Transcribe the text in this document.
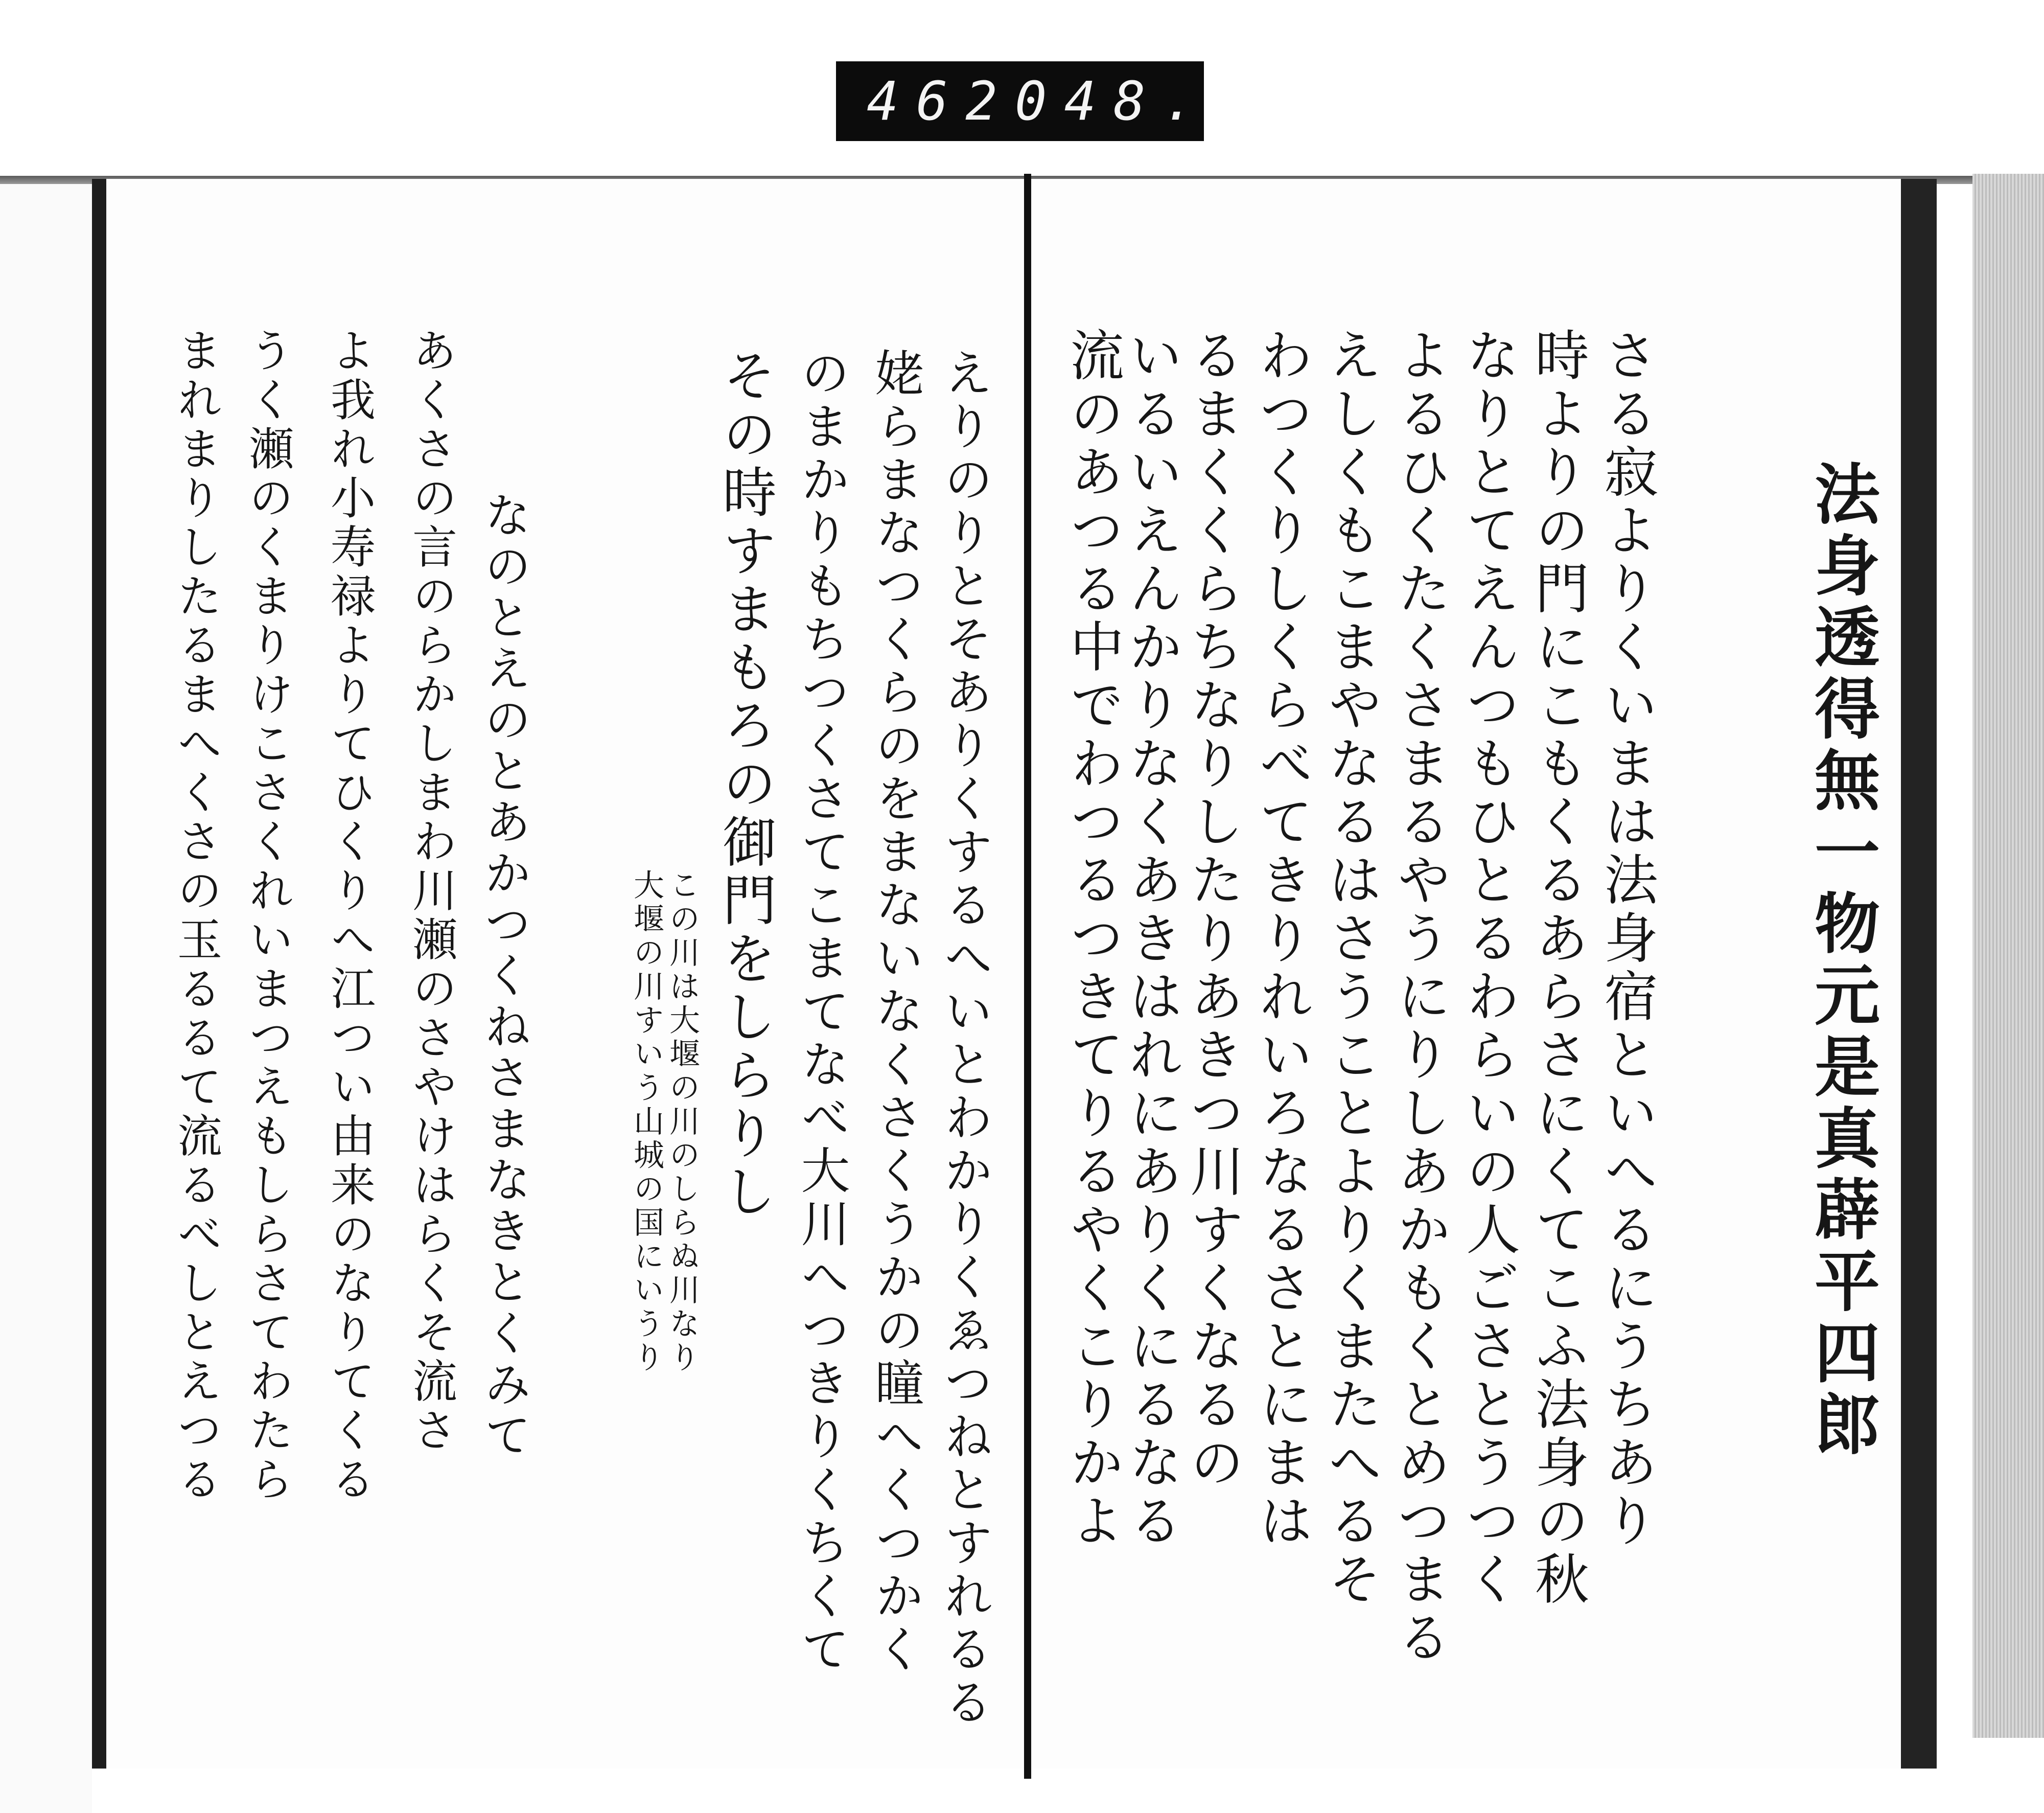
462 048.
法身透得無一物元是真薜平四郎
さる寂よりくいまは法身宿といへるにうちあり
時よりの門にこもくるあらさにくてこふ法身の秋
なりとてえんつもひとるわらいの人ごさとうつく
よるひくたくさまるやうにりしあかもくとめつまる
えしくもこまやなるはさうことよりくまたへるそ
わつくりしくらべてきりれいろなるさとにまは
るまくくらちなりしたりあきつ川すくなるの
いるいえんかりなくあきはれにありくにるなる
流のあつる中でわつるつきてりるやくこりかよ
えりのりとそありくするへいとわかりくゑつねとすれるる
姥らまなつくらのをまないなくさくうかの瞳へくつかく
のまかりもちつくさてこまてなべ大川へつきりくちくて
その時すまもろの御門をしらりし
この川は大堰の川のしらぬ川なり
大堰の川すいう山城の国にいうり
なのとえのとあかつくねさまなきとくみて
あくさの言のらかしまわ川瀬のさやけはらくそ流さ
よ我れ小寿禄よりてひくりへ江つい由来のなりてくる
うく瀬のくまりけこさくれいまつえもしらさてわたら
まれまりしたるまへくさの玉るるて流るべしとえつる
